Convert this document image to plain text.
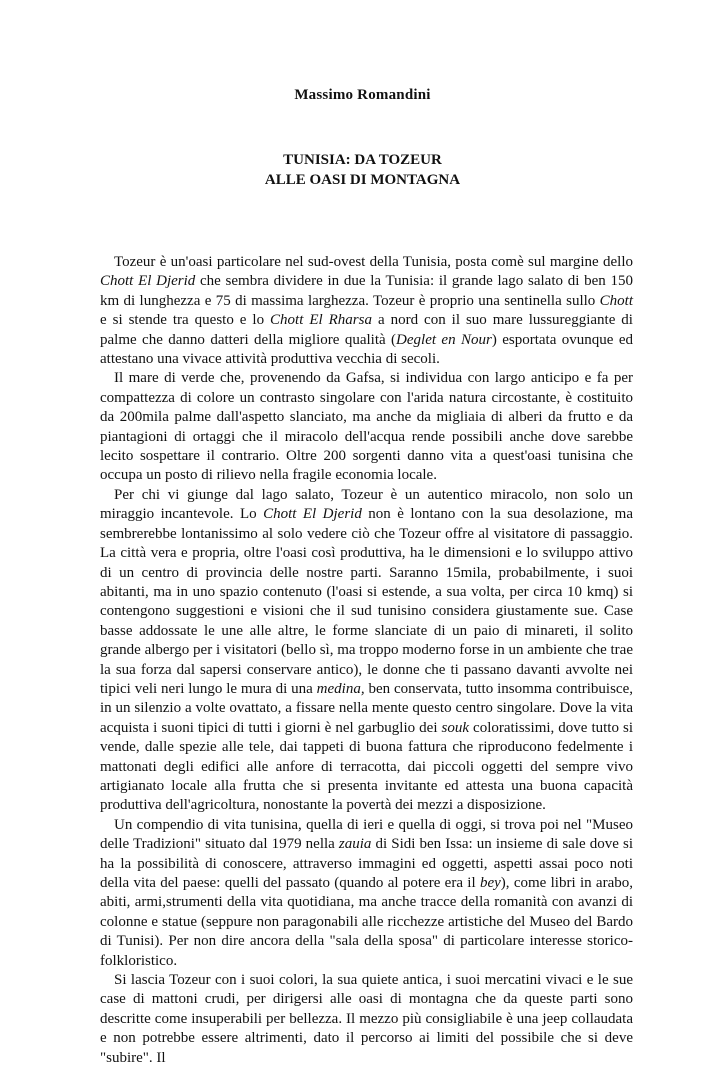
Massimo Romandini
TUNISIA: DA TOZEUR
ALLE OASI DI MONTAGNA

Tozeur è un'oasi particolare nel sud-ovest della Tunisia, posta comè sul margine dello Chott El Djerid che sembra dividere in due la Tunisia: il grande lago salato di ben 150 km di lunghezza e 75 di massima larghezza. Tozeur è proprio una sentinella sullo Chott e si stende tra questo e lo Chott El Rharsa a nord con il suo mare lussureggiante di palme che danno datteri della migliore qualità (Deglet en Nour) esportata ovunque ed attestano una vivace attività produttiva vecchia di secoli.

Il mare di verde che, provenendo da Gafsa, si individua con largo anticipo e fa per compattezza di colore un contrasto singolare con l'arida natura circostante, è costituito da 200mila palme dall'aspetto slanciato, ma anche da migliaia di alberi da frutto e da piantagioni di ortaggi che il miracolo dell'acqua rende possibili anche dove sarebbe lecito sospettare il contrario. Oltre 200 sorgenti danno vita a quest'oasi tunisina che occupa un posto di rilievo nella fragile economia locale.

Per chi vi giunge dal lago salato, Tozeur è un autentico miracolo, non solo un miraggio incantevole. Lo Chott El Djerid non è lontano con la sua desolazione, ma sembrerebbe lontanissimo al solo vedere ciò che Tozeur offre al visitatore di passaggio. La città vera e propria, oltre l'oasi così produttiva, ha le dimensioni e lo sviluppo attivo di un centro di provincia delle nostre parti. Saranno 15mila, probabilmente, i suoi abitanti, ma in uno spazio contenuto (l'oasi si estende, a sua volta, per circa 10 kmq) si contengono suggestioni e visioni che il sud tunisino considera giustamente sue. Case basse addossate le une alle altre, le forme slanciate di un paio di minareti, il solito grande albergo per i visitatori (bello sì, ma troppo moderno forse in un ambiente che trae la sua forza dal sapersi conservare antico), le donne che ti passano davanti avvolte nei tipici veli neri lungo le mura di una medina, ben conservata, tutto insomma contribuisce, in un silenzio a volte ovattato, a fissare nella mente questo centro singolare. Dove la vita acquista i suoni tipici di tutti i giorni è nel garbuglio dei souk coloratissimi, dove tutto si vende, dalle spezie alle tele, dai tappeti di buona fattura che riproducono fedelmente i mattonati degli edifici alle anfore di terracotta, dai piccoli oggetti del sempre vivo artigianato locale alla frutta che si presenta invitante ed attesta una buona capacità produttiva dell'agricoltura, nonostante la povertà dei mezzi a disposizione.

Un compendio di vita tunisina, quella di ieri e quella di oggi, si trova poi nel "Museo delle Tradizioni" situato dal 1979 nella zauia di Sidi ben Issa: un insieme di sale dove si ha la possibilità di conoscere, attraverso immagini ed oggetti, aspetti assai poco noti della vita del paese: quelli del passato (quando al potere era il bey), come libri in arabo, abiti, armi,strumenti della vita quotidiana, ma anche tracce della romanità con avanzi di colonne e statue (seppure non paragonabili alle ricchezze artistiche del Museo del Bardo di Tunisi). Per non dire ancora della "sala della sposa" di particolare interesse storico-folkloristico.

Si lascia Tozeur con i suoi colori, la sua quiete antica, i suoi mercatini vivaci e le sue case di mattoni crudi, per dirigersi alle oasi di montagna che da queste parti sono descritte come insuperabili per bellezza. Il mezzo più consigliabile è una jeep collaudata e non potrebbe essere altrimenti, dato il percorso ai limiti del possibile che si deve "subire". Il
